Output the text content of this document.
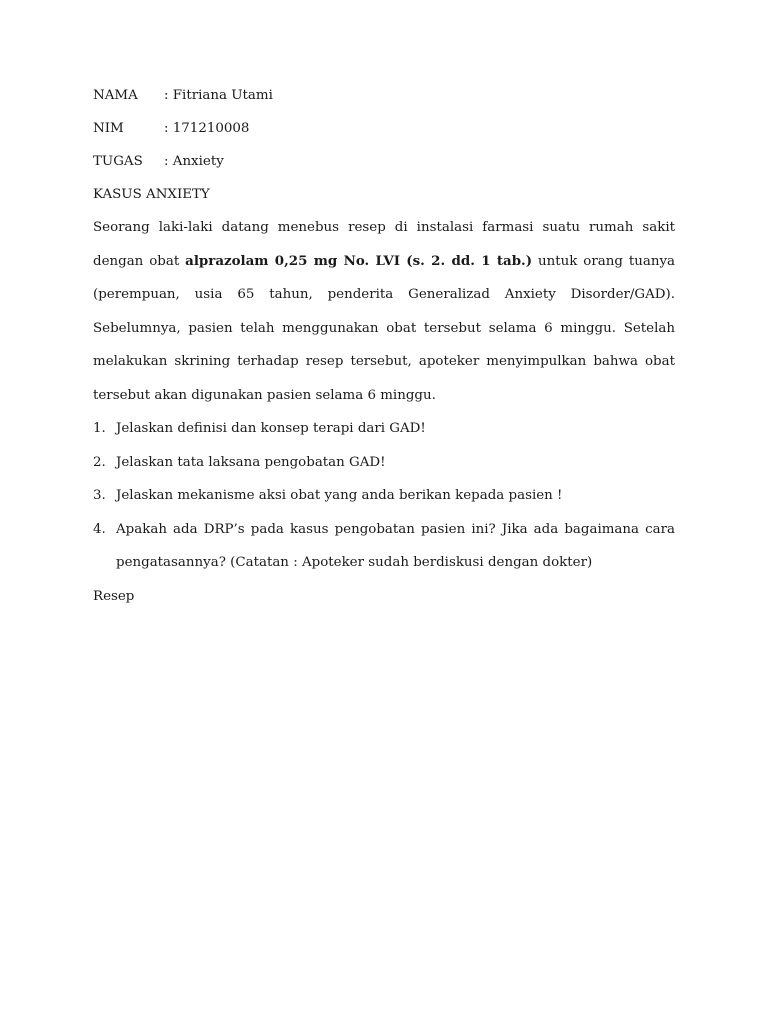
NAMA	: Fitriana Utami
NIM	: 171210008
TUGAS	: Anxiety
KASUS ANXIETY

Seorang laki-laki datang menebus resep di instalasi farmasi suatu rumah sakit dengan obat alprazolam 0,25 mg No. LVI (s. 2. dd. 1 tab.) untuk orang tuanya (perempuan, usia 65 tahun, penderita Generalizad Anxiety Disorder/GAD). Sebelumnya, pasien telah menggunakan obat tersebut selama 6 minggu. Setelah melakukan skrining terhadap resep tersebut, apoteker menyimpulkan bahwa obat tersebut akan digunakan pasien selama 6 minggu.

1. Jelaskan definisi dan konsep terapi dari GAD!
2. Jelaskan tata laksana pengobatan GAD!
3. Jelaskan mekanisme aksi obat yang anda berikan kepada pasien !
4. Apakah ada DRP’s pada kasus pengobatan pasien ini? Jika ada bagaimana cara pengatasannya? (Catatan : Apoteker sudah berdiskusi dengan dokter)
Resep
